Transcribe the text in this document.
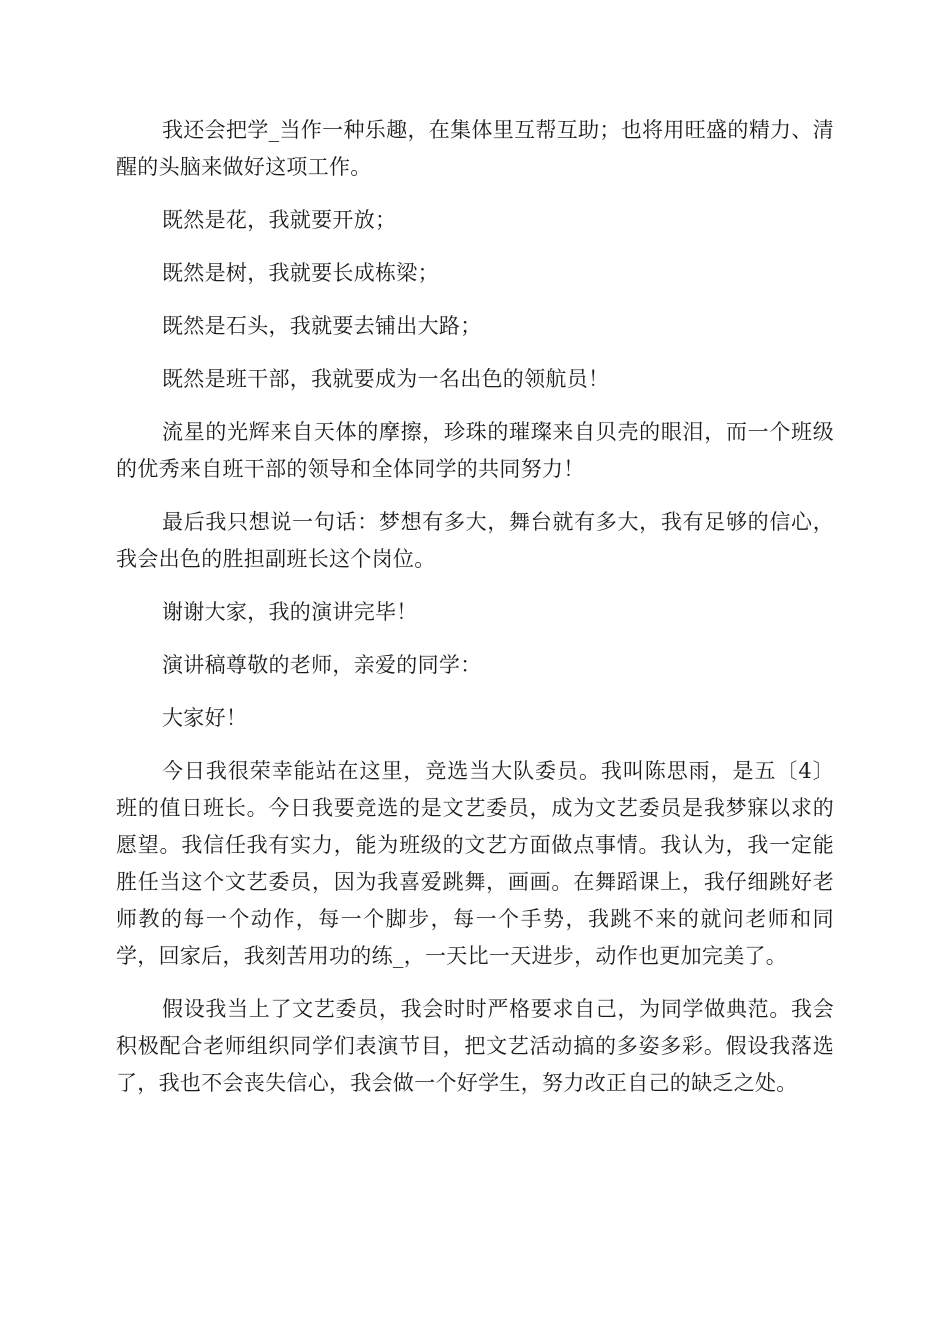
我还会把学_当作一种乐趣，在集体里互帮互助；也将用旺盛的精力、清醒的头脑来做好这项工作。

既然是花，我就要开放；

既然是树，我就要长成栋梁；

既然是石头，我就要去铺出大路；

既然是班干部，我就要成为一名出色的领航员！

流星的光辉来自天体的摩擦，珍珠的璀璨来自贝壳的眼泪，而一个班级的优秀来自班干部的领导和全体同学的共同努力！

最后我只想说一句话：梦想有多大，舞台就有多大，我有足够的信心，我会出色的胜担副班长这个岗位。

谢谢大家，我的演讲完毕！

演讲稿尊敬的老师，亲爱的同学：

大家好！

今日我很荣幸能站在这里，竞选当大队委员。我叫陈思雨，是五〔4〕班的值日班长。今日我要竞选的是文艺委员，成为文艺委员是我梦寐以求的愿望。我信任我有实力，能为班级的文艺方面做点事情。我认为，我一定能胜任当这个文艺委员，因为我喜爱跳舞，画画。在舞蹈课上，我仔细跳好老师教的每一个动作，每一个脚步，每一个手势，我跳不来的就问老师和同学，回家后，我刻苦用功的练_，一天比一天进步，动作也更加完美了。

假设我当上了文艺委员，我会时时严格要求自己，为同学做典范。我会积极配合老师组织同学们表演节目，把文艺活动搞的多姿多彩。假设我落选了，我也不会丧失信心，我会做一个好学生，努力改正自己的缺乏之处。
